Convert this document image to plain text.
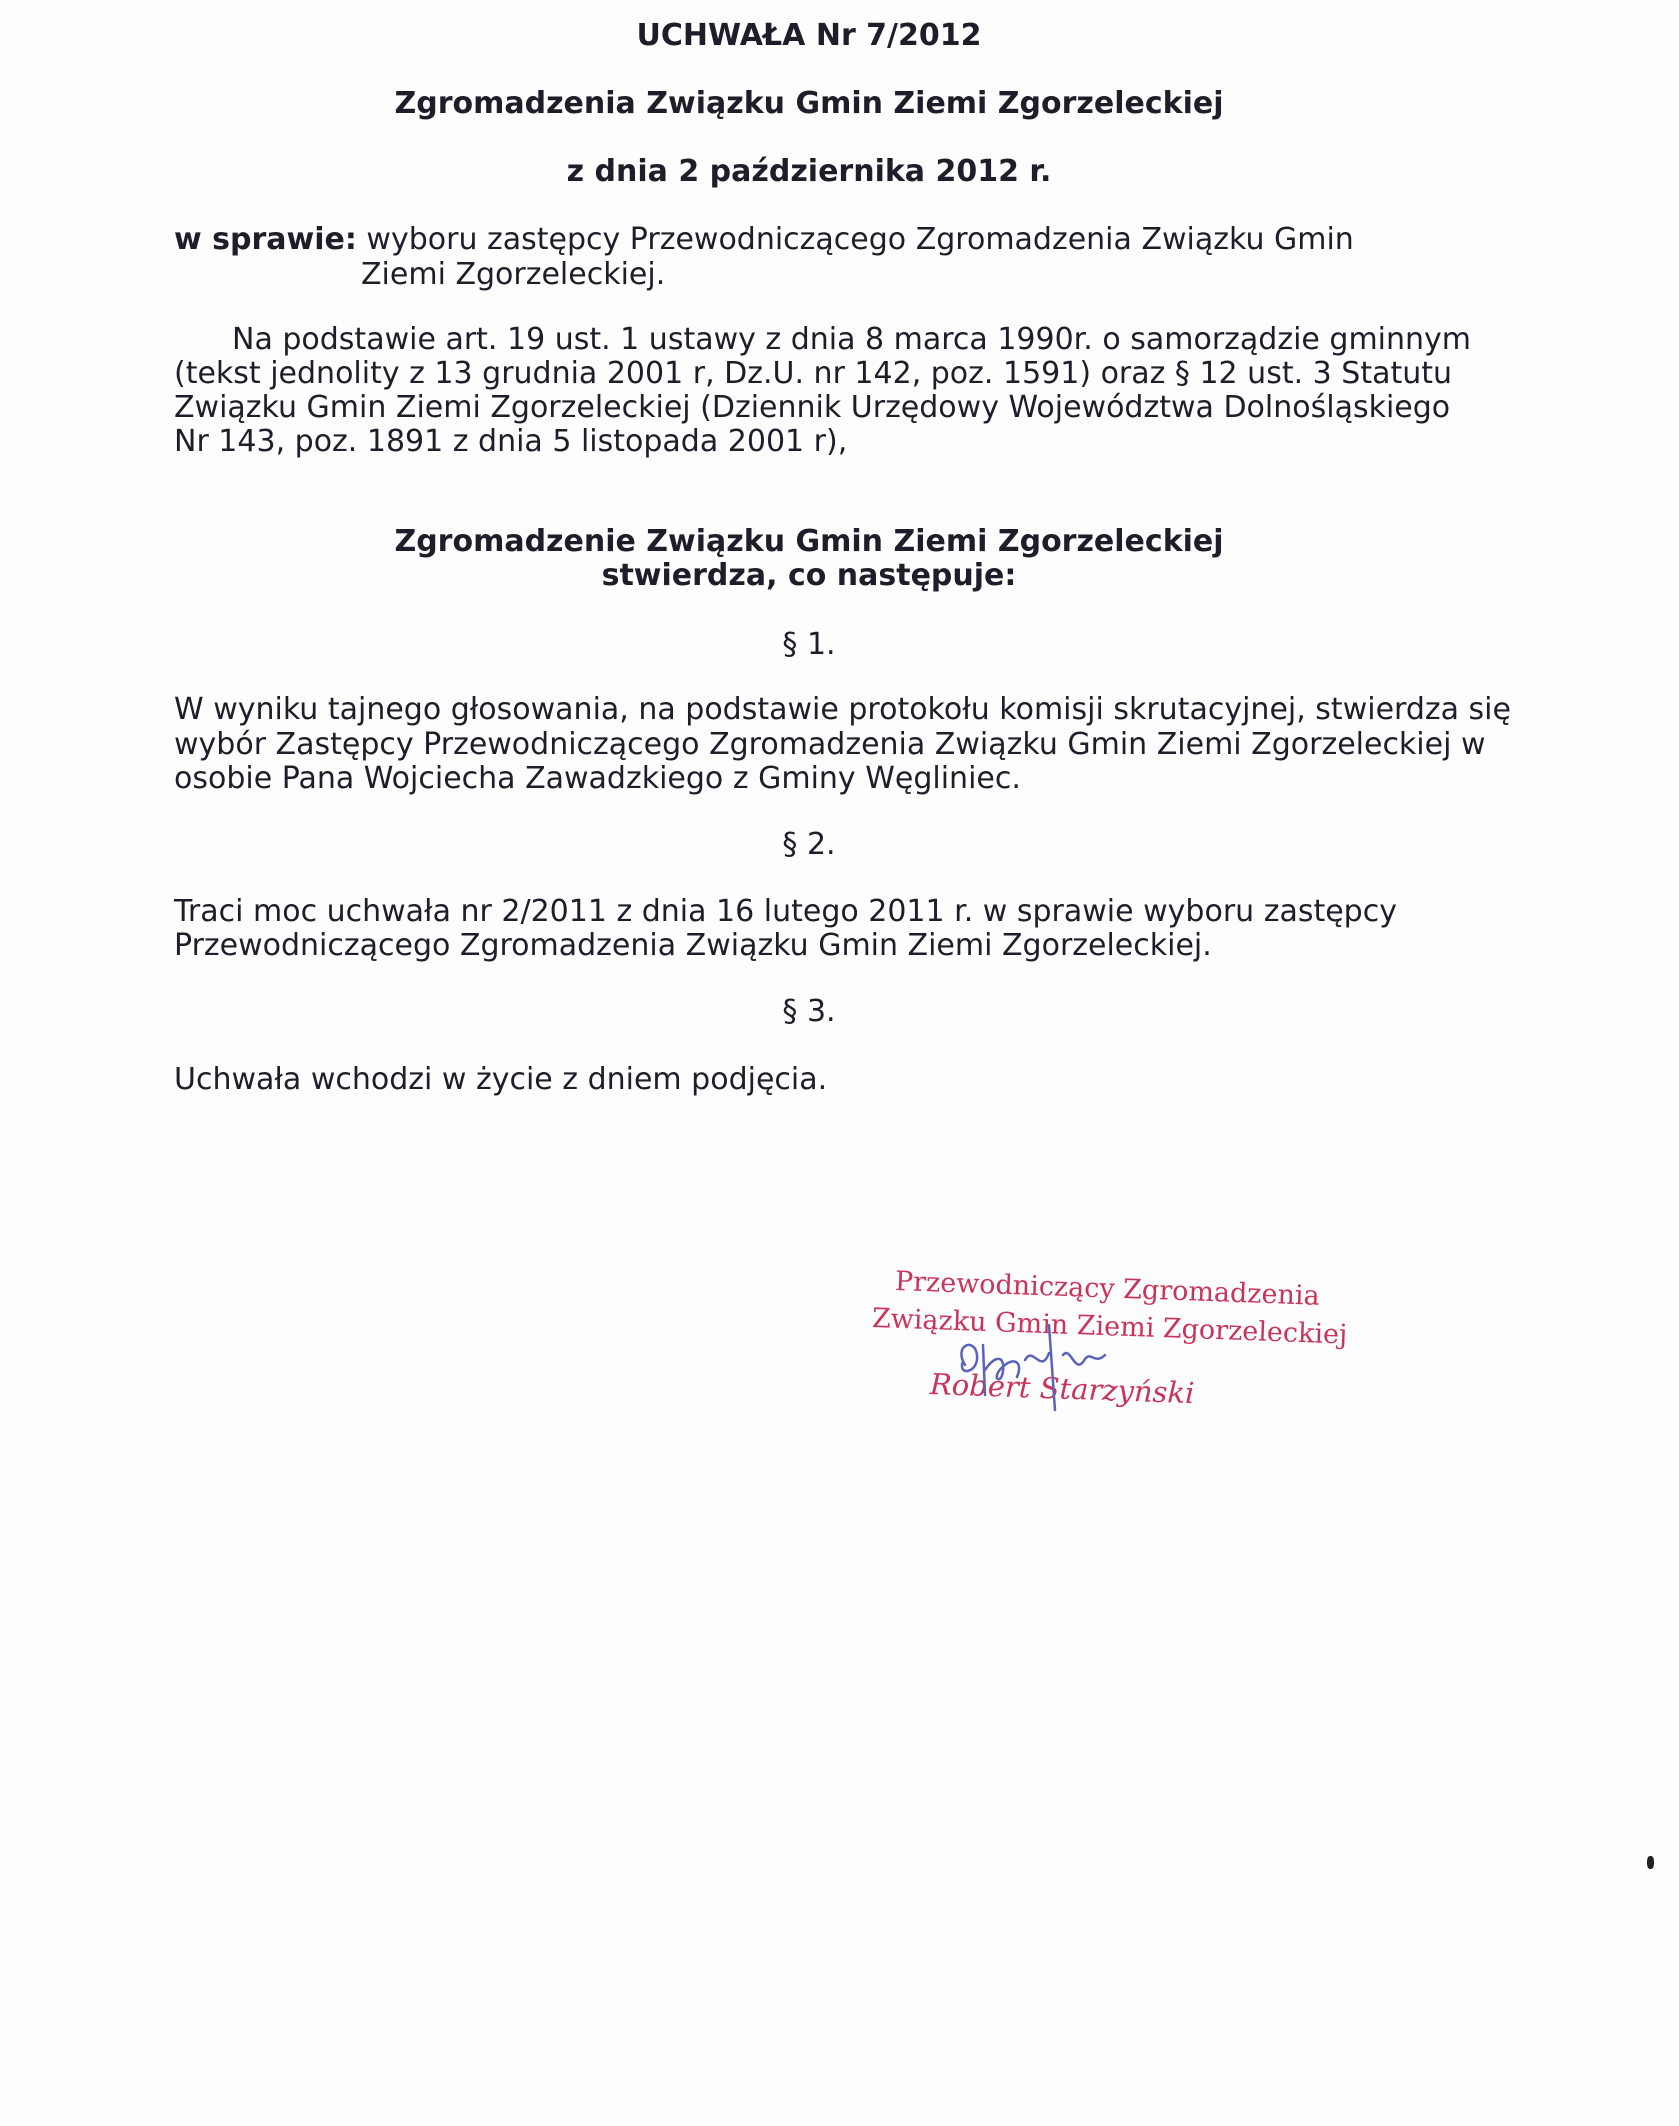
UCHWAŁA Nr 7/2012
Zgromadzenia Związku Gmin Ziemi Zgorzeleckiej
z dnia 2 października 2012 r.
w sprawie: wyboru zastępcy Przewodniczącego Zgromadzenia Związku Gmin
Ziemi Zgorzeleckiej.
Na podstawie art. 19 ust. 1 ustawy z dnia 8 marca 1990r. o samorządzie gminnym
(tekst jednolity z 13 grudnia 2001 r, Dz.U. nr 142, poz. 1591) oraz § 12 ust. 3 Statutu
Związku Gmin Ziemi Zgorzeleckiej (Dziennik Urzędowy Województwa Dolnośląskiego
Nr 143, poz. 1891 z dnia 5 listopada 2001 r),
Zgromadzenie Związku Gmin Ziemi Zgorzeleckiej
stwierdza, co następuje:
§ 1.
W wyniku tajnego głosowania, na podstawie protokołu komisji skrutacyjnej, stwierdza się
wybór Zastępcy Przewodniczącego Zgromadzenia Związku Gmin Ziemi Zgorzeleckiej w
osobie Pana Wojciecha Zawadzkiego z Gminy Węgliniec.
§ 2.
Traci moc uchwała nr 2/2011 z dnia 16 lutego 2011 r. w sprawie wyboru zastępcy
Przewodniczącego Zgromadzenia Związku Gmin Ziemi Zgorzeleckiej.
§ 3.
Uchwała wchodzi w życie z dniem podjęcia.
Przewodniczący Zgromadzenia
Związku Gmin Ziemi Zgorzeleckiej
Robert Starzyński
